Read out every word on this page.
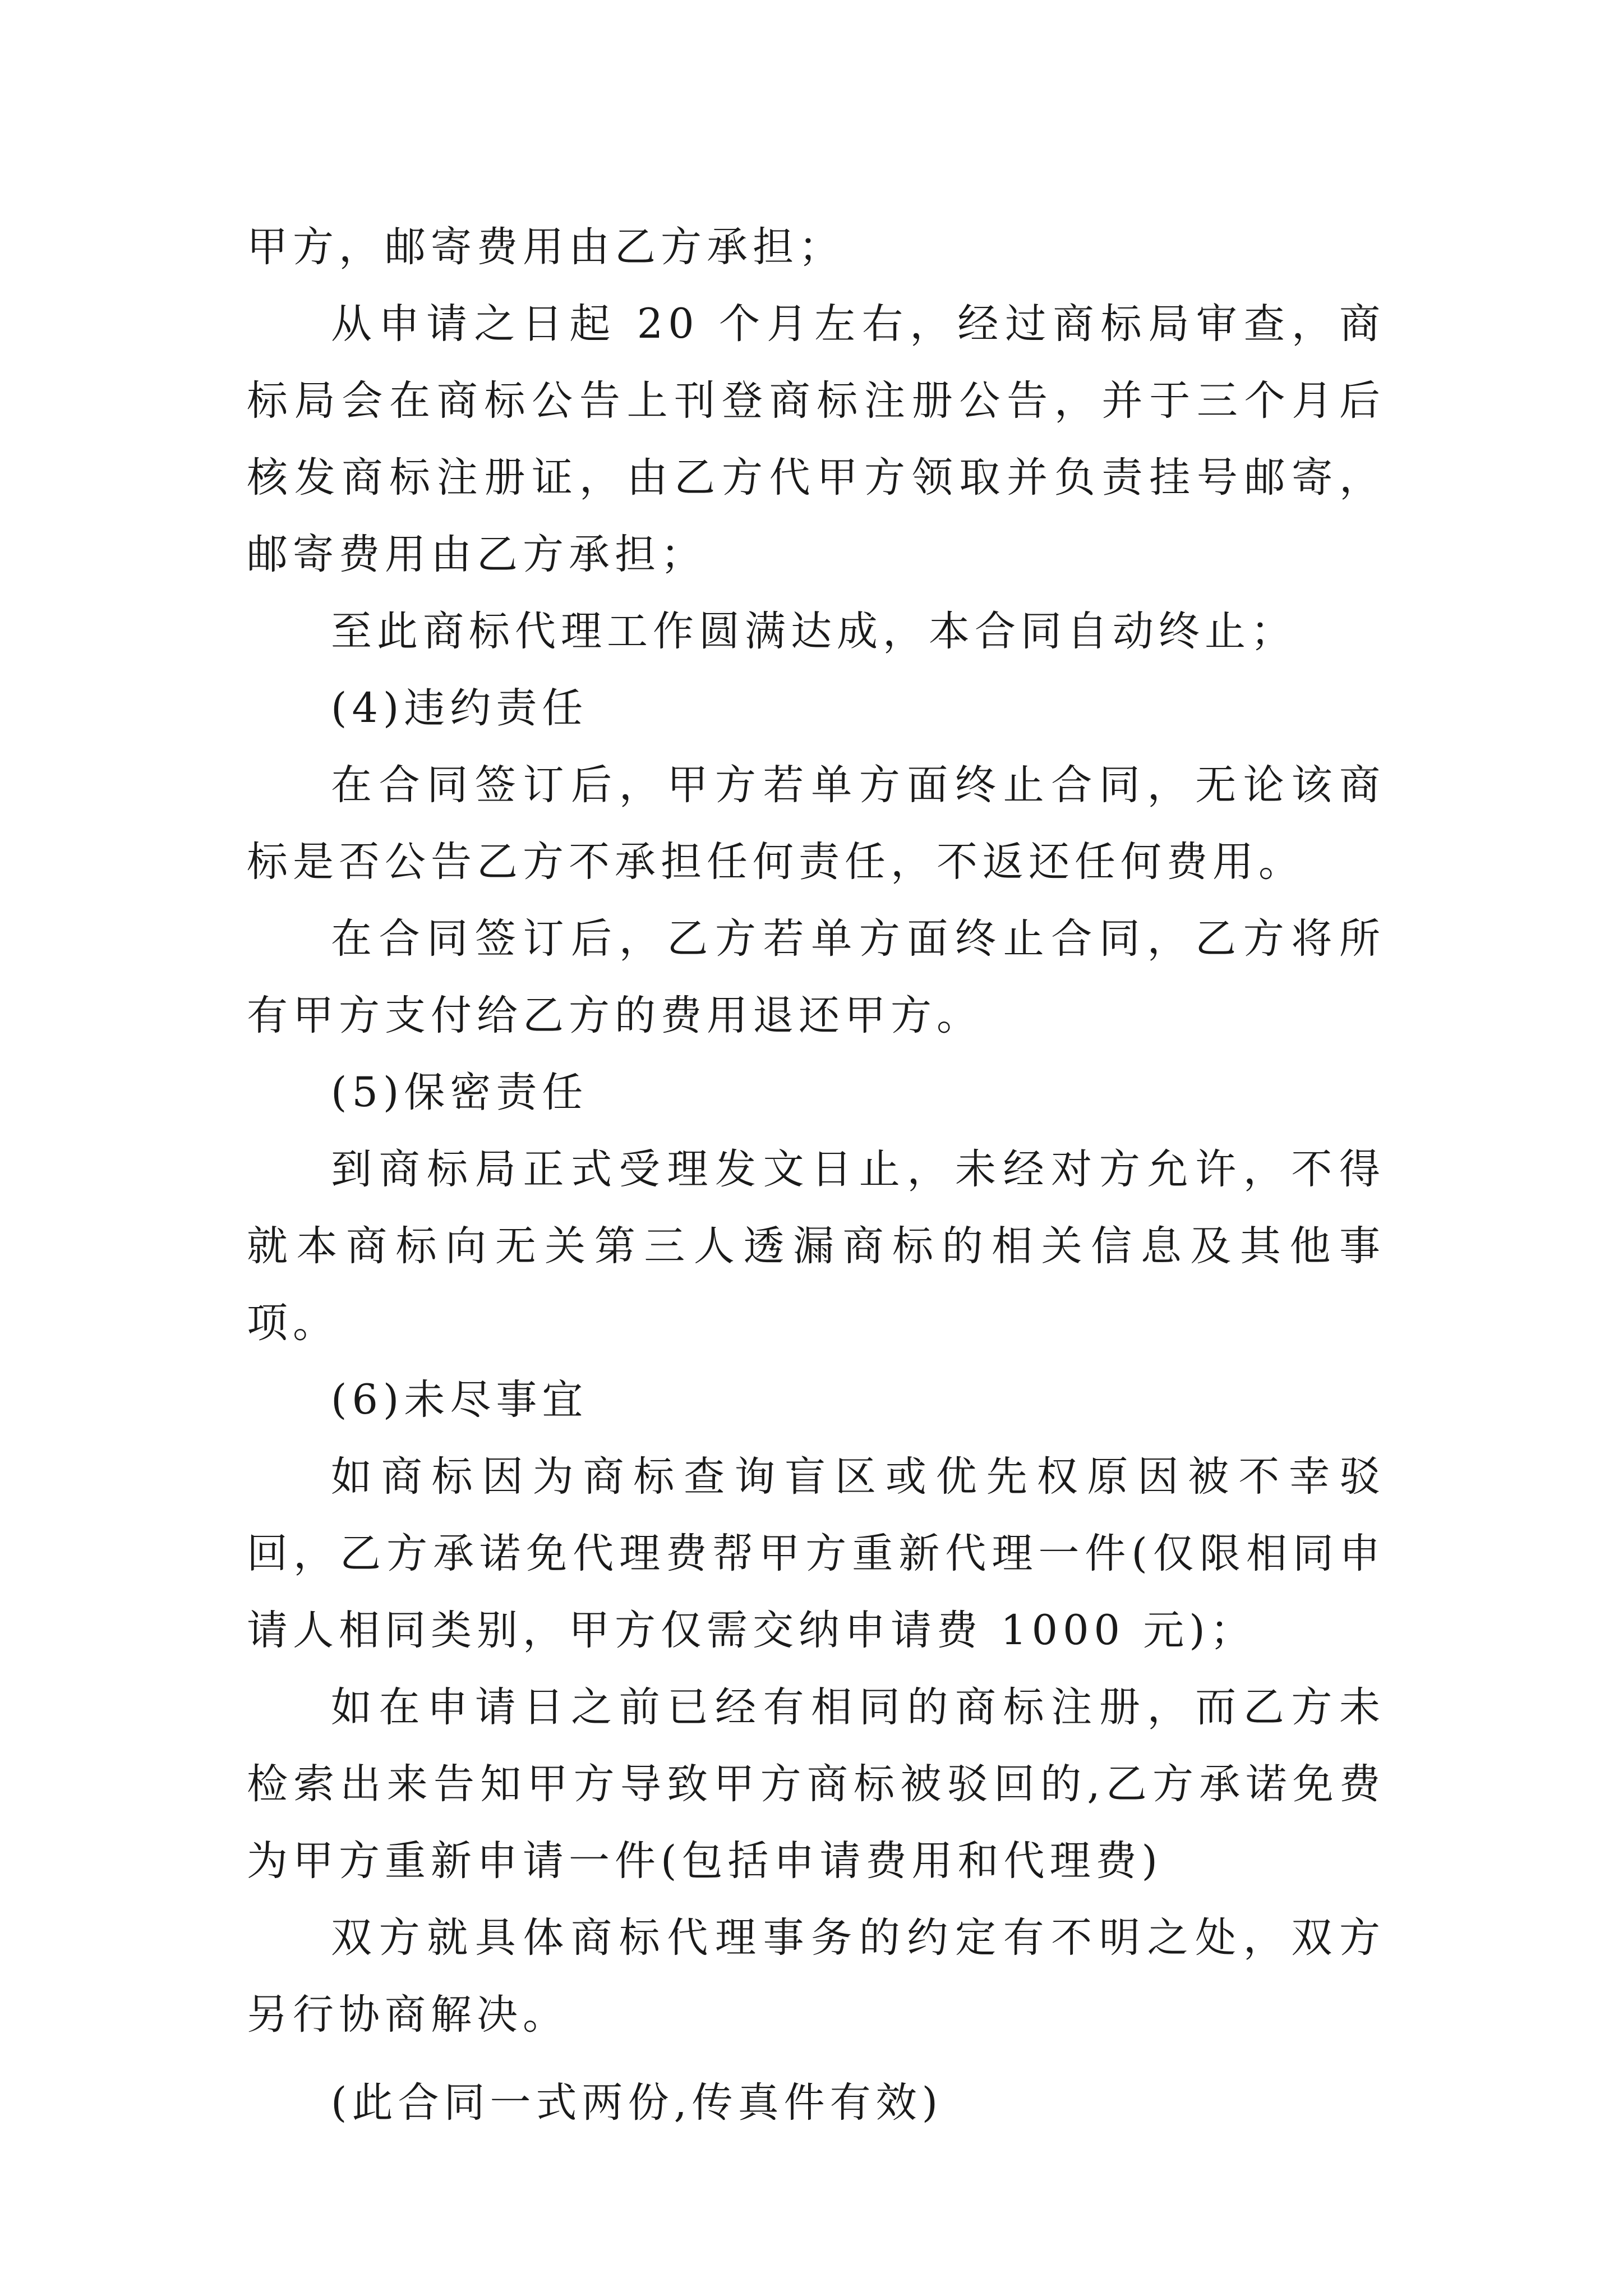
甲方，邮寄费用由乙方承担；

从申请之日起 20 个月左右，经过商标局审查，商标局会在商标公告上刊登商标注册公告，并于三个月后核发商标注册证，由乙方代甲方领取并负责挂号邮寄，邮寄费用由乙方承担；

至此商标代理工作圆满达成，本合同自动终止；

(4)违约责任

在合同签订后，甲方若单方面终止合同，无论该商标是否公告乙方不承担任何责任，不返还任何费用。

在合同签订后，乙方若单方面终止合同，乙方将所有甲方支付给乙方的费用退还甲方。

(5)保密责任

到商标局正式受理发文日止，未经对方允许，不得就本商标向无关第三人透漏商标的相关信息及其他事项。

(6)未尽事宜

如商标因为商标查询盲区或优先权原因被不幸驳回，乙方承诺免代理费帮甲方重新代理一件(仅限相同申请人相同类别，甲方仅需交纳申请费 1000 元)；

如在申请日之前已经有相同的商标注册，而乙方未检索出来告知甲方导致甲方商标被驳回的,乙方承诺免费为甲方重新申请一件(包括申请费用和代理费)

双方就具体商标代理事务的约定有不明之处，双方另行协商解决。

(此合同一式两份,传真件有效)
